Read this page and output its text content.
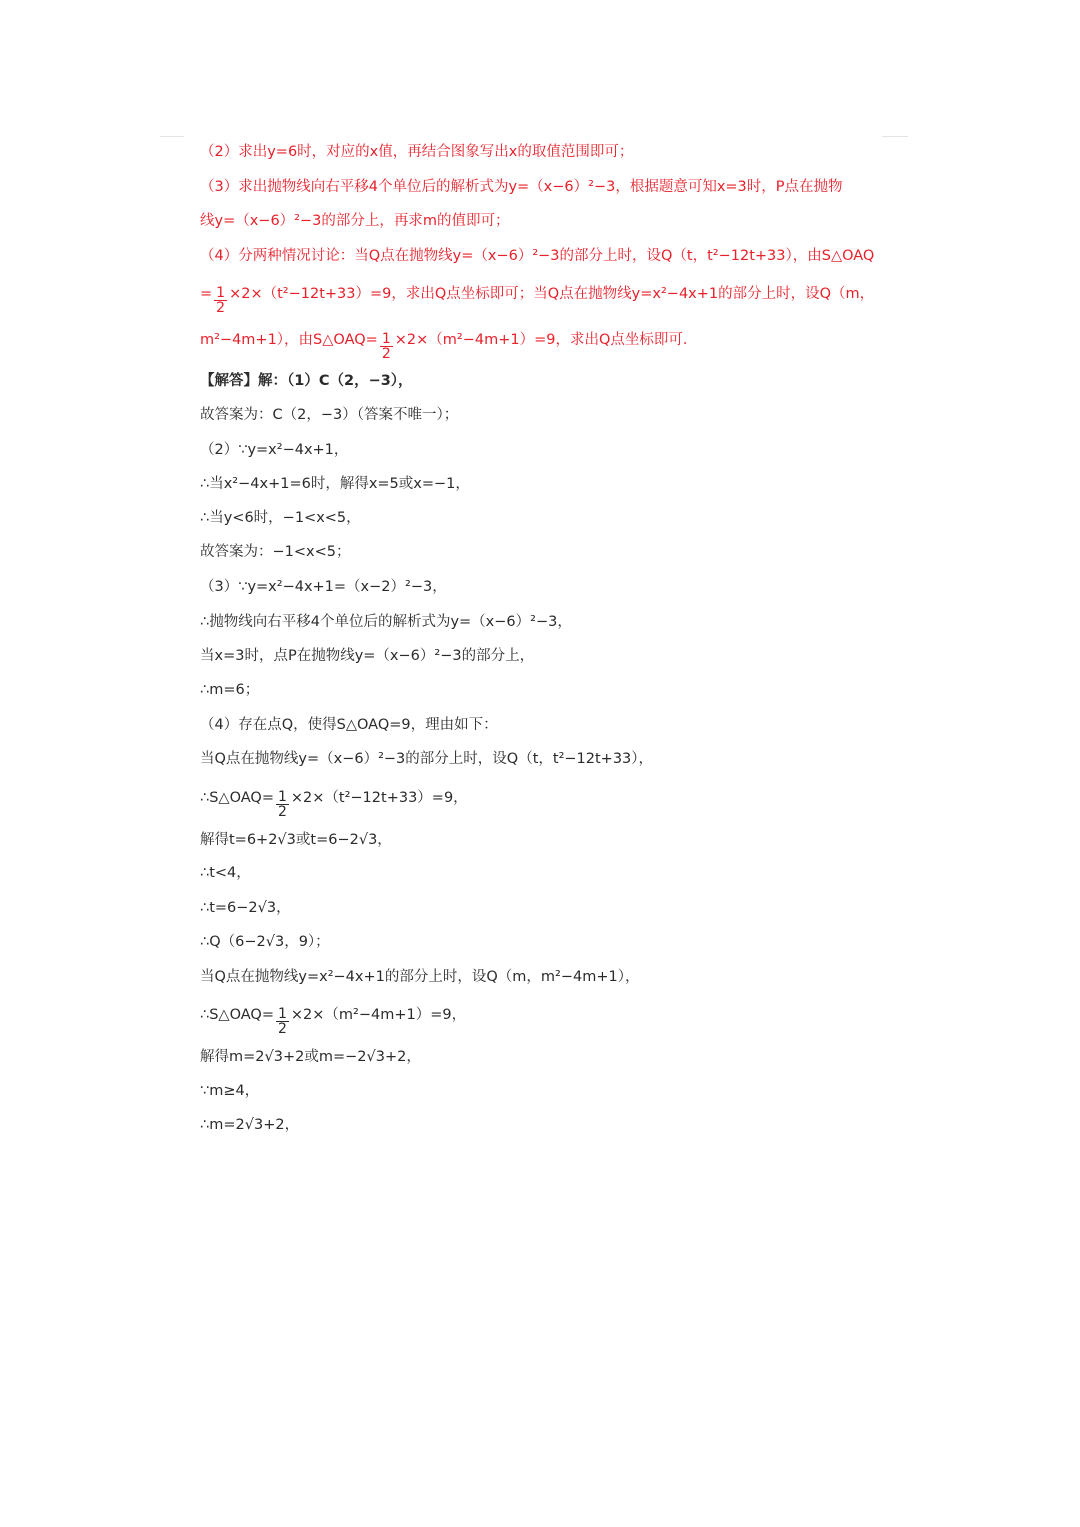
（2）求出y=6时，对应的x值，再结合图象写出x的取值范围即可；
（3）求出抛物线向右平移4个单位后的解析式为y=（x−6）²−3，根据题意可知x=3时，P点在抛物
线y=（x−6）²−3的部分上，再求m的值即可；
（4）分两种情况讨论：当Q点在抛物线y=（x−6）²−3的部分上时，设Q（t，t²−12t+33），由S△OAQ
= $\frac{1}{2} \times 2\times(t^2-12t+33)=9$，求出Q点坐标即可；当Q点在抛物线y=x²−4x+1的部分上时，设Q（m，
m²−4m+1），由S△OAQ= $\frac{1}{2} \times 2\times(m^2-4m+1)=9$，求出Q点坐标即可．
【解答】解：（1）C（2，−3），
故答案为：C（2，−3）（答案不唯一）；
（2）∵y=x²−4x+1，
∴当x²−4x+1=6时，解得x=5或x=−1，
∴当y<6时，−1<x<5，
故答案为：−1<x<5；
（3）∵y=x²−4x+1=（x−2）²−3，
∴抛物线向右平移4个单位后的解析式为y=（x−6）²−3，
当x=3时，点P在抛物线y=（x−6）²−3的部分上，
∴m=6；
（4）存在点Q，使得S△OAQ=9，理由如下：
当Q点在抛物线y=（x−6）²−3的部分上时，设Q（t，t²−12t+33），
∴S△OAQ= $\frac{1}{2} \times 2\times(t^2-12t+33)=9$，
解得t=6+2√3或t=6−2√3，
∴t<4，
∴t=6−2√3，
∴Q（6−2√3，9）；
当Q点在抛物线y=x²−4x+1的部分上时，设Q（m，m²−4m+1），
∴S△OAQ= $\frac{1}{2} \times 2\times(m^2-4m+1)=9$，
解得m=2√3+2或m=−2√3+2，
∵m≥4，
∴m=2√3+2，
